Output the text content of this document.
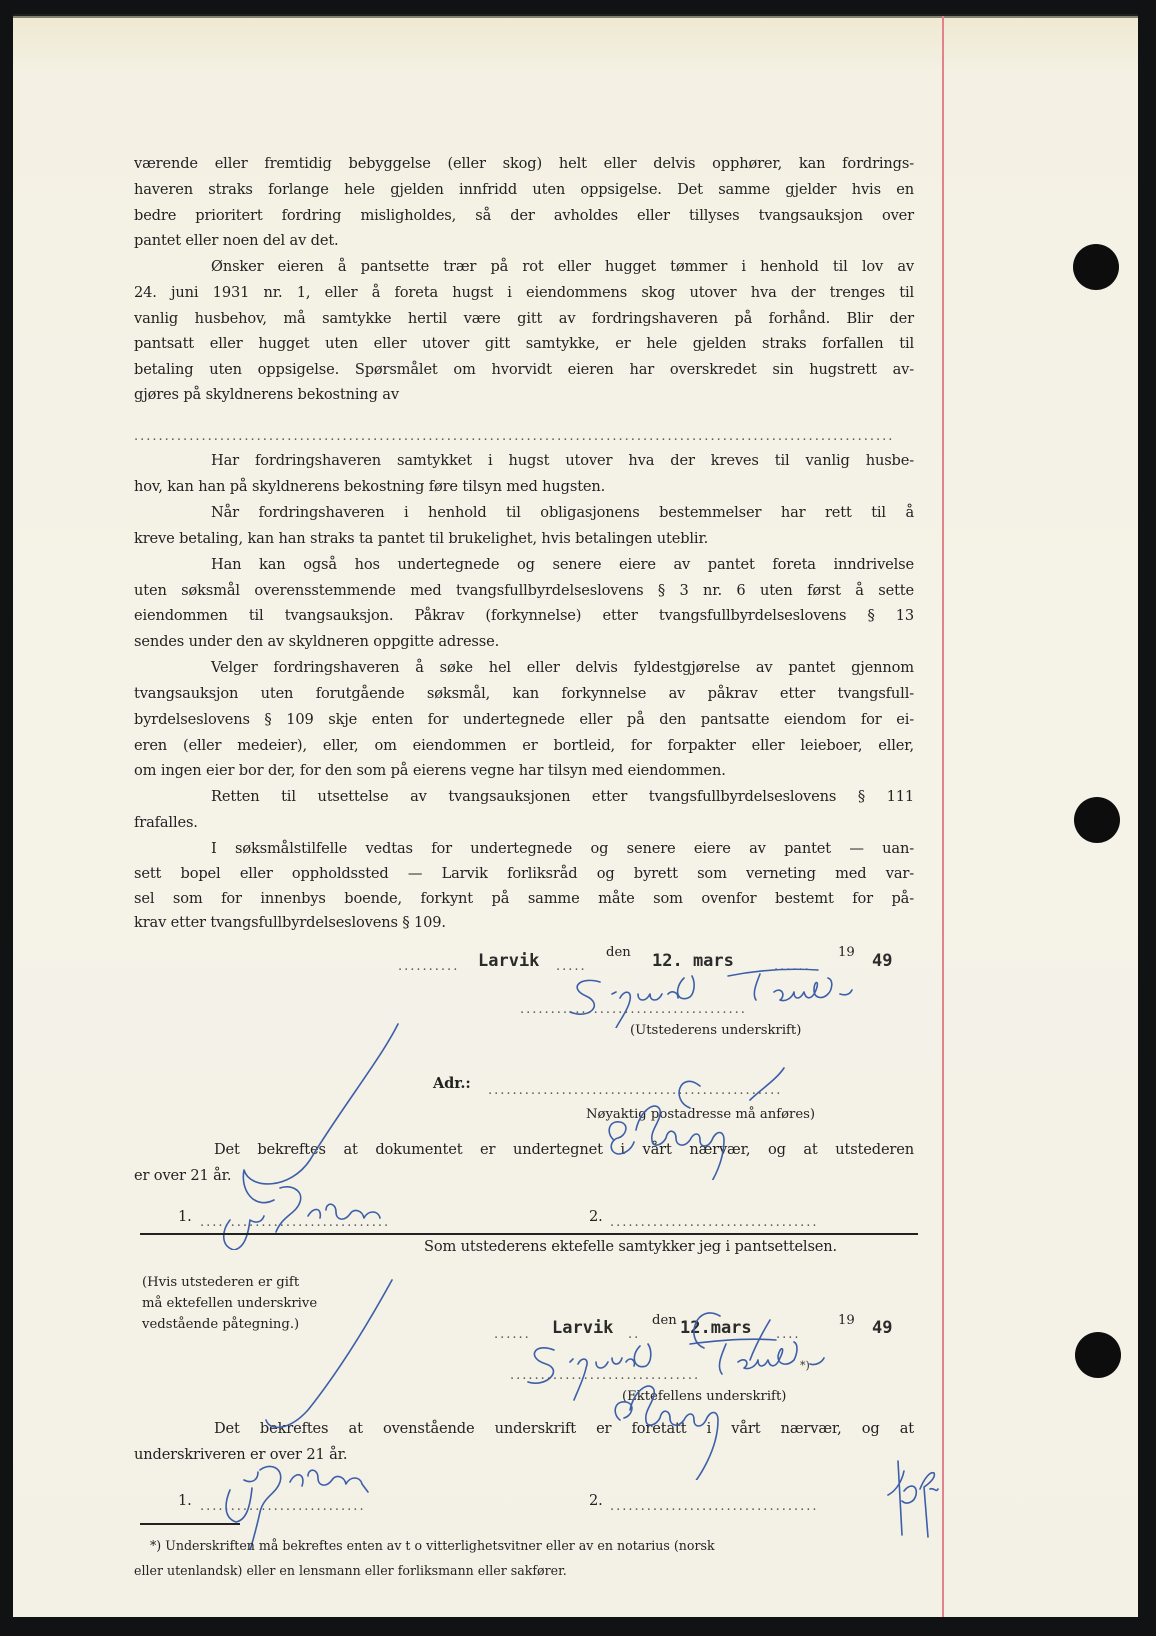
værende eller fremtidig bebyggelse (eller skog) helt eller delvis opphører, kan fordrings-
haveren straks forlange hele gjelden innfridd uten oppsigelse. Det samme gjelder hvis en
bedre prioritert fordring misligholdes, så der avholdes eller tillyses tvangsauksjon over
pantet eller noen del av det.
Ønsker eieren å pantsette trær på rot eller hugget tømmer i henhold til lov av
24. juni 1931 nr. 1, eller å foreta hugst i eiendommens skog utover hva der trenges til
vanlig husbehov, må samtykke hertil være gitt av fordringshaveren på forhånd. Blir der
pantsatt eller hugget uten eller utover gitt samtykke, er hele gjelden straks forfallen til
betaling uten oppsigelse. Spørsmålet om hvorvidt eieren har overskredet sin hugstrett av-
gjøres på skyldnerens bekostning av
............................................................................................................................
Har fordringshaveren samtykket i hugst utover hva der kreves til vanlig husbe-
hov, kan han på skyldnerens bekostning føre tilsyn med hugsten.
Når fordringshaveren i henhold til obligasjonens bestemmelser har rett til å
kreve betaling, kan han straks ta pantet til brukelighet, hvis betalingen uteblir.
Han kan også hos undertegnede og senere eiere av pantet foreta inndrivelse
uten søksmål overensstemmende med tvangsfullbyrdelseslovens § 3 nr. 6 uten først å sette
eiendommen til tvangsauksjon. Påkrav (forkynnelse) etter tvangsfullbyrdelseslovens § 13
sendes under den av skyldneren oppgitte adresse.
Velger fordringshaveren å søke hel eller delvis fyldestgjørelse av pantet gjennom
tvangsauksjon uten forutgående søksmål, kan forkynnelse av påkrav etter tvangsfull-
byrdelseslovens § 109 skje enten for undertegnede eller på den pantsatte eiendom for ei-
eren (eller medeier), eller, om eiendommen er bortleid, for forpakter eller leieboer, eller,
om ingen eier bor der, for den som på eierens vegne har tilsyn med eiendommen.
Retten til utsettelse av tvangsauksjonen etter tvangsfullbyrdelseslovens § 111
frafalles.
I søksmålstilfelle vedtas for undertegnede og senere eiere av pantet — uan-
sett bopel eller oppholdssted — Larvik forliksråd og byrett som verneting med var-
sel som for innenbys boende, forkynt på samme måte som ovenfor bestemt for på-
krav etter tvangsfullbyrdelseslovens § 109.
..........	Larvik .....
den 12. mars	......
19 49
.....................................
(Utstederens underskrift)
Adr.: ................................................
Nøyaktig postadresse må anføres)
Det bekreftes at dokumentet er undertegnet i vårt nærvær, og at utstederen
er over 21 år.
1. ...............................	2. ..................................
Som utstederens ektefelle samtykker jeg i pantsettelsen.
(Hvis utstederen er gift
må ektefellen underskrive
vedstående påtegning.)
......	Larvik ..
den 12.mars ....
19 49
...............................
*)
(Ektefellens underskrift)
Det bekreftes at ovenstående underskrift er foretatt i vårt nærvær, og at
underskriveren er over 21 år.
1. ...........................	2. ..................................
*) Underskriften må bekreftes enten av t o vitterlighetsvitner eller av en notarius (norsk
eller utenlandsk) eller en lensmann eller forliksmann eller sakfører.
